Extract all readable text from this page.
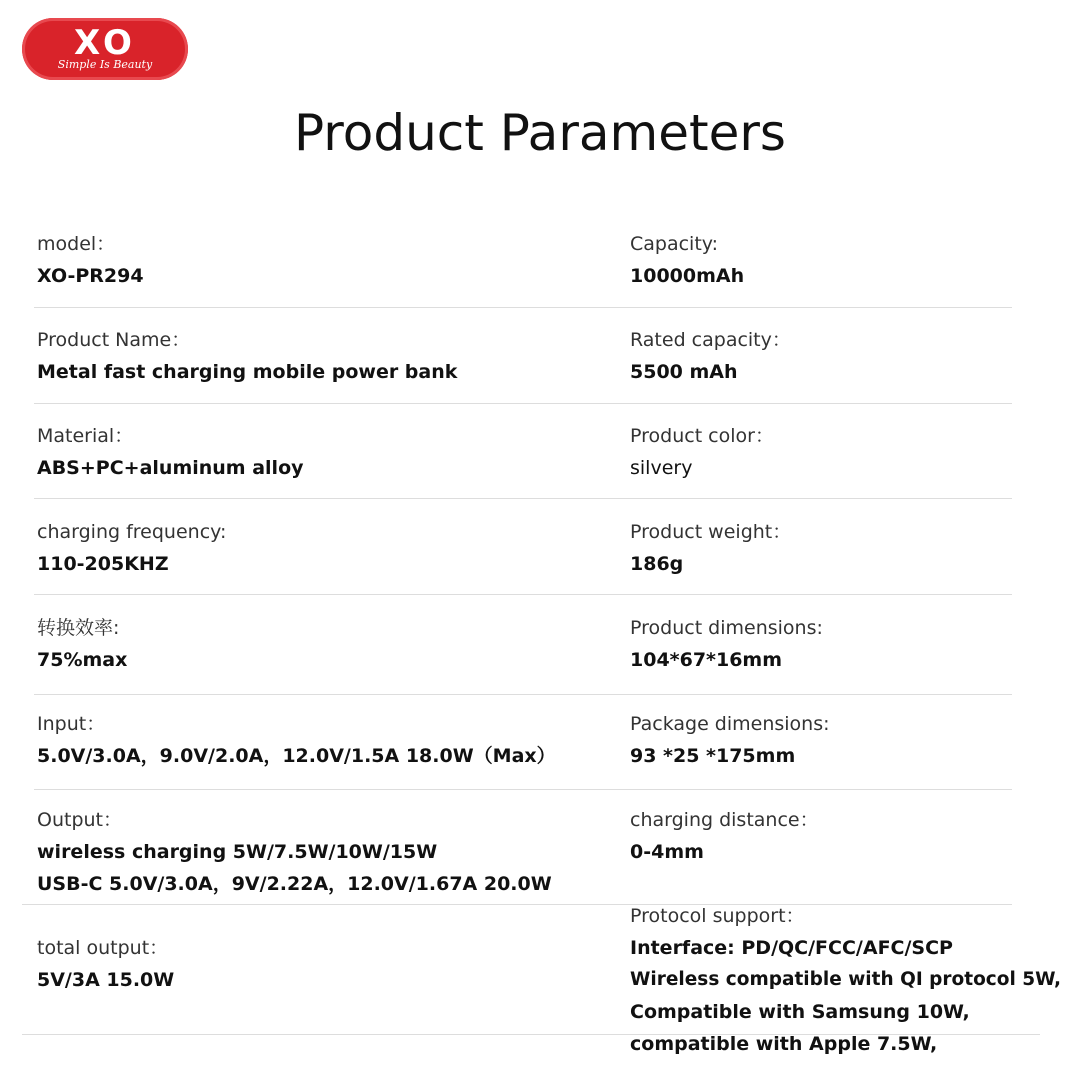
XO
Simple Is Beauty
Product Parameters
model：
XO-PR294
Product Name：
Metal fast charging mobile power bank
Material：
ABS+PC+aluminum alloy
charging frequency:
110-205KHZ
转换效率:
75%max
Input：
5.0V/3.0A，9.0V/2.0A，12.0V/1.5A 18.0W（Max）
Output：
wireless charging 5W/7.5W/10W/15W
USB-C 5.0V/3.0A，9V/2.22A，12.0V/1.67A 20.0W
total output：
5V/3A 15.0W
Capacity:
10000mAh
Rated capacity：
5500 mAh
Product color：
silvery
Product weight：
186g
Product dimensions:
104*67*16mm
Package dimensions:
93 *25 *175mm
charging distance：
0-4mm
Protocol support：
Interface: PD/QC/FCC/AFC/SCP
Wireless compatible with QI protocol 5W,
Compatible with Samsung 10W,
compatible with Apple 7.5W,
